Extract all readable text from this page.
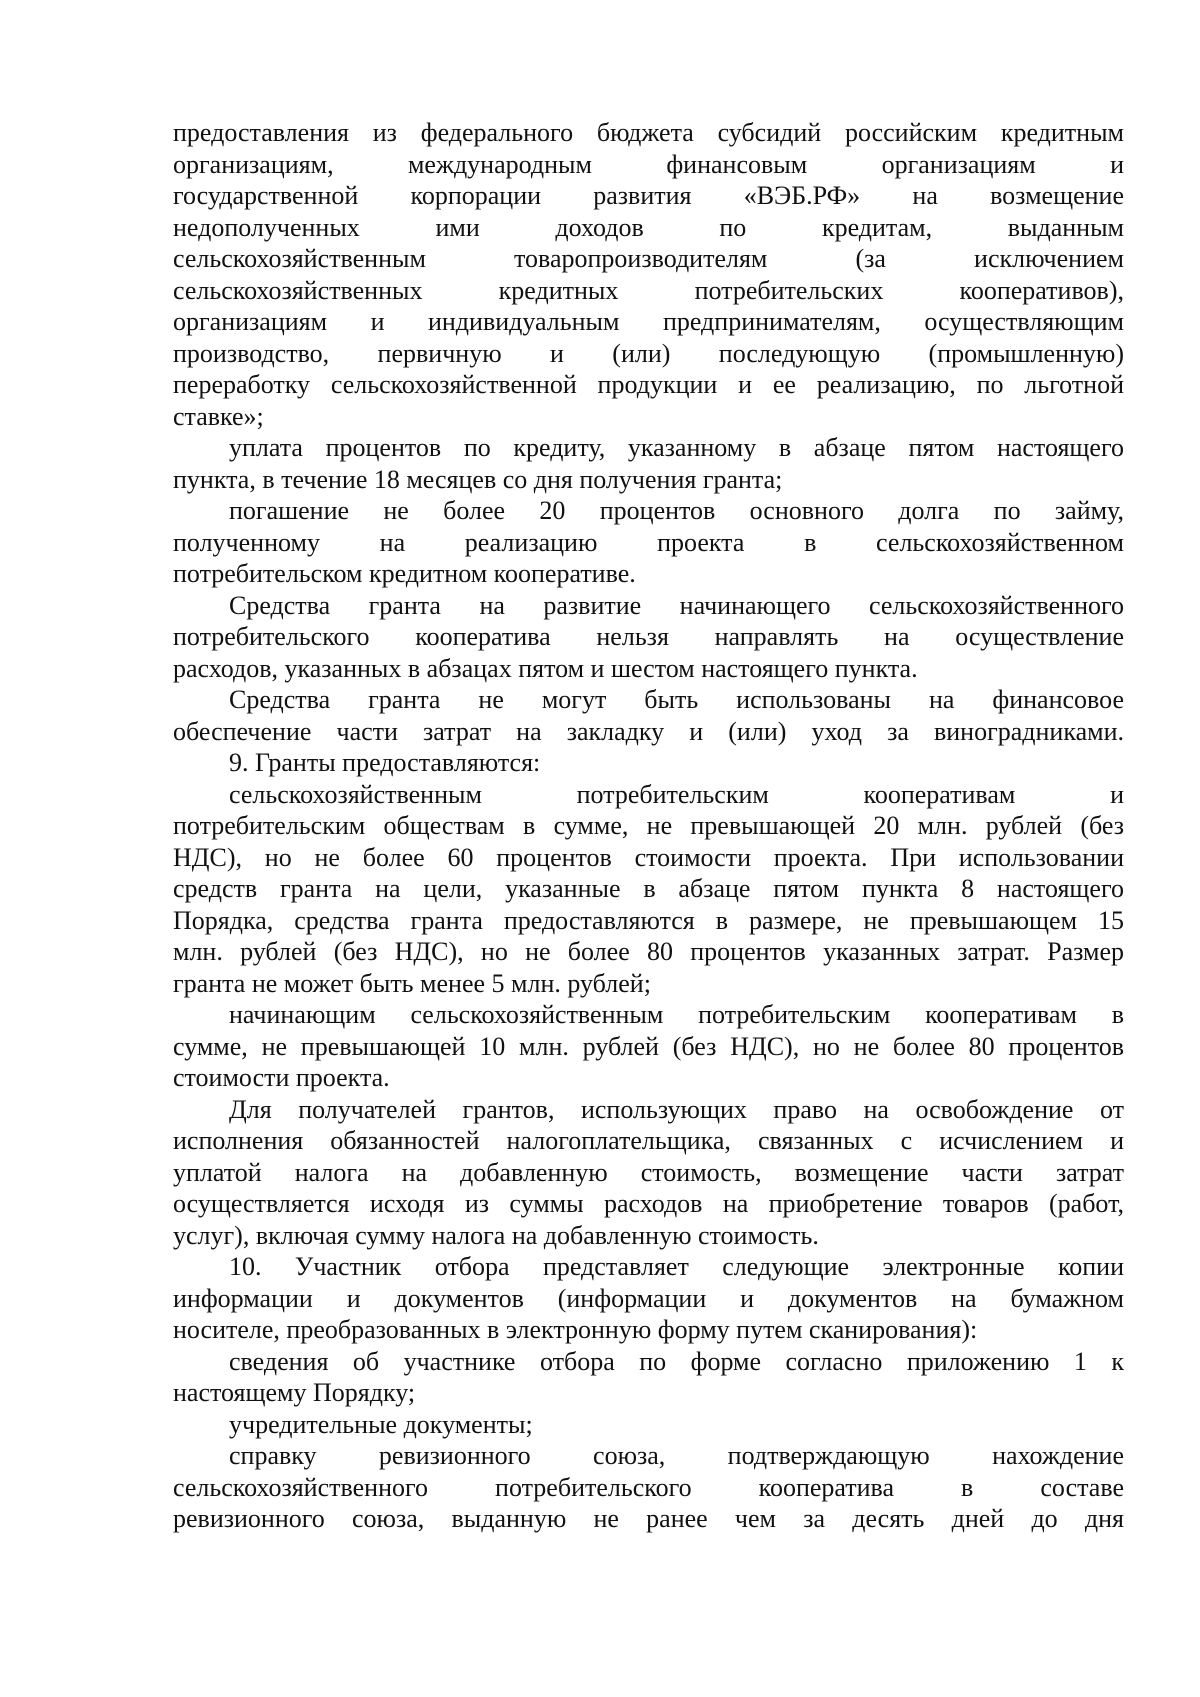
предоставления из федерального бюджета субсидий российским кредитным
организациям, международным финансовым организациям и
государственной корпорации развития «ВЭБ.РФ» на возмещение
недополученных ими доходов по кредитам, выданным
сельскохозяйственным товаропроизводителям (за исключением
сельскохозяйственных кредитных потребительских кооперативов),
организациям и индивидуальным предпринимателям, осуществляющим
производство, первичную и (или) последующую (промышленную)
переработку сельскохозяйственной продукции и ее реализацию, по льготной
ставке»;
уплата процентов по кредиту, указанному в абзаце пятом настоящего
пункта, в течение 18 месяцев со дня получения гранта;
погашение не более 20 процентов основного долга по займу,
полученному на реализацию проекта в сельскохозяйственном
потребительском кредитном кооперативе.
Средства гранта на развитие начинающего сельскохозяйственного
потребительского кооператива нельзя направлять на осуществление
расходов, указанных в абзацах пятом и шестом настоящего пункта.
Средства гранта не могут быть использованы на финансовое
обеспечение части затрат на закладку и (или) уход за виноградниками.
9. Гранты предоставляются:
сельскохозяйственным потребительским кооперативам и
потребительским обществам в сумме, не превышающей 20 млн. рублей (без
НДС), но не более 60 процентов стоимости проекта. При использовании
средств гранта на цели, указанные в абзаце пятом пункта 8 настоящего
Порядка, средства гранта предоставляются в размере, не превышающем 15
млн. рублей (без НДС), но не более 80 процентов указанных затрат. Размер
гранта не может быть менее 5 млн. рублей;
начинающим сельскохозяйственным потребительским кооперативам в
сумме, не превышающей 10 млн. рублей (без НДС), но не более 80 процентов
стоимости проекта.
Для получателей грантов, использующих право на освобождение от
исполнения обязанностей налогоплательщика, связанных с исчислением и
уплатой налога на добавленную стоимость, возмещение части затрат
осуществляется исходя из суммы расходов на приобретение товаров (работ,
услуг), включая сумму налога на добавленную стоимость.
10. Участник отбора представляет следующие электронные копии
информации и документов (информации и документов на бумажном
носителе, преобразованных в электронную форму путем сканирования):
сведения об участнике отбора по форме согласно приложению 1 к
настоящему Порядку;
учредительные документы;
справку ревизионного союза, подтверждающую нахождение
сельскохозяйственного потребительского кооператива в составе
ревизионного союза, выданную не ранее чем за десять дней до дня
